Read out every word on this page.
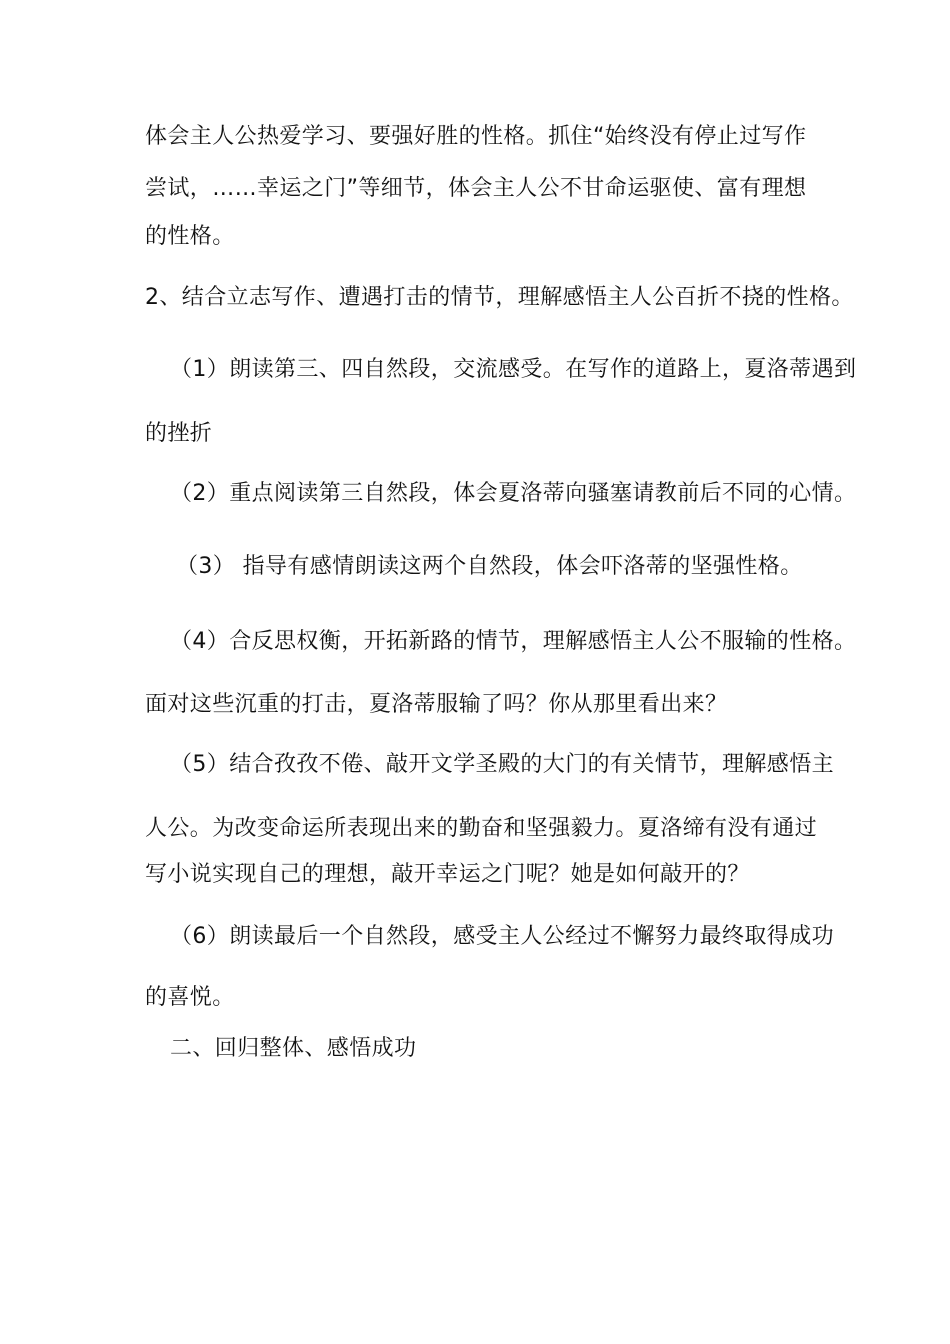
体会主人公热爱学习、要强好胜的性格。抓住“始终没有停止过写作
尝试，……幸运之门”等细节，体会主人公不甘命运驱使、富有理想
的性格。
2、结合立志写作、遭遇打击的情节，理解感悟主人公百折不挠的性格。
（1）朗读第三、四自然段，交流感受。在写作的道路上，夏洛蒂遇到
的挫折
（2）重点阅读第三自然段，体会夏洛蒂向骚塞请教前后不同的心情。
（3） 指导有感情朗读这两个自然段，体会吓洛蒂的坚强性格。
（4）合反思权衡，开拓新路的情节，理解感悟主人公不服输的性格。
面对这些沉重的打击，夏洛蒂服输了吗？你从那里看出来？
（5）结合孜孜不倦、敲开文学圣殿的大门的有关情节，理解感悟主
人公。为改变命运所表现出来的勤奋和坚强毅力。夏洛缔有没有通过
写小说实现自己的理想，敲开幸运之门呢？她是如何敲开的？
（6）朗读最后一个自然段，感受主人公经过不懈努力最终取得成功
的喜悦。
二、回归整体、感悟成功
